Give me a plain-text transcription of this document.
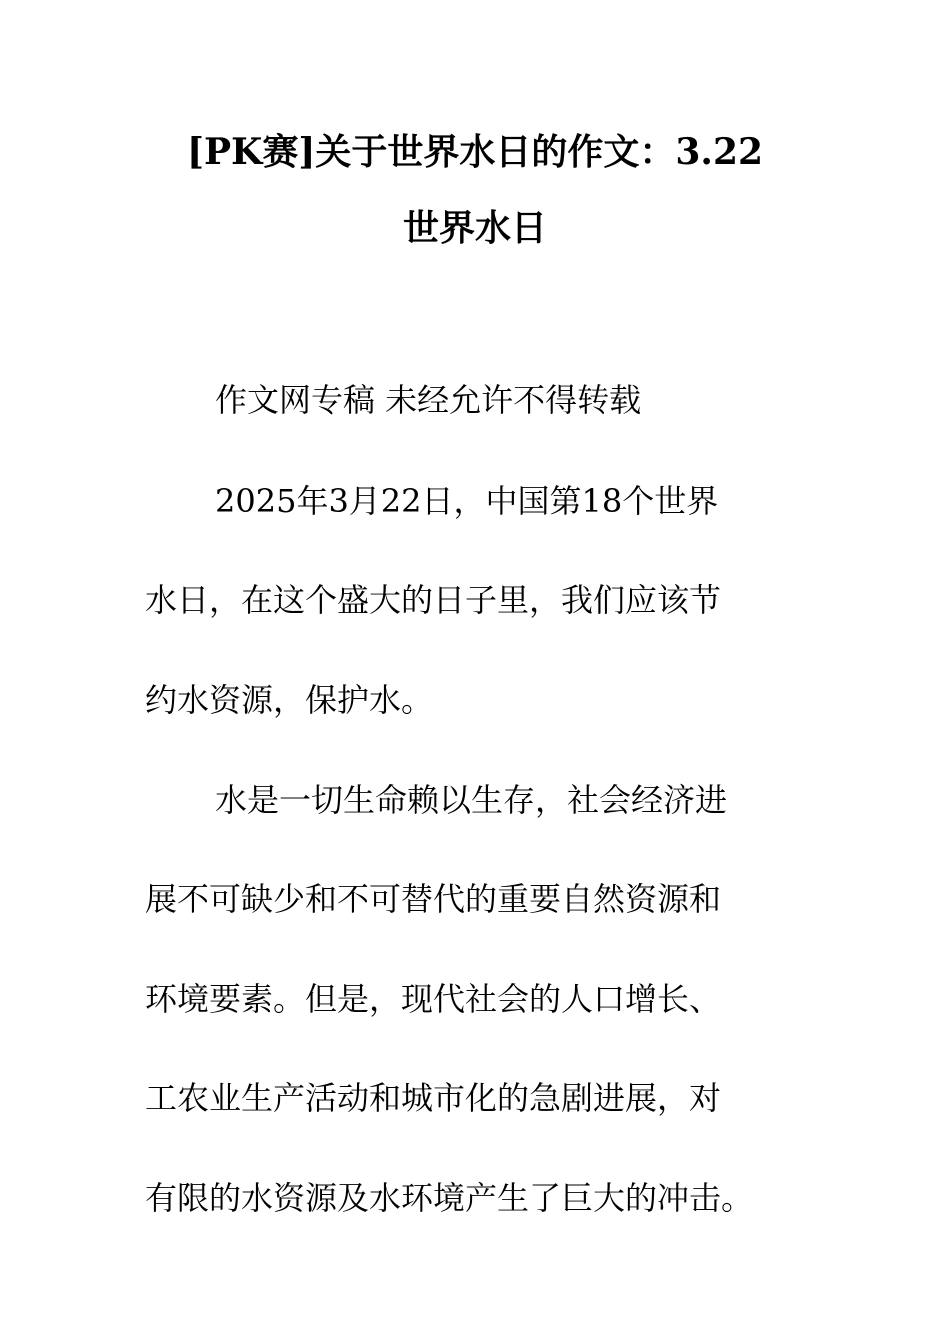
[PK赛]关于世界水日的作文：3.22
世界水日
作文网专稿 未经允许不得转载
2025年3月22日，中国第18个世界
水日，在这个盛大的日子里，我们应该节
约水资源，保护水。
水是一切生命赖以生存，社会经济进
展不可缺少和不可替代的重要自然资源和
环境要素。但是，现代社会的人口增长、
工农业生产活动和城市化的急剧进展，对
有限的水资源及水环境产生了巨大的冲击。
